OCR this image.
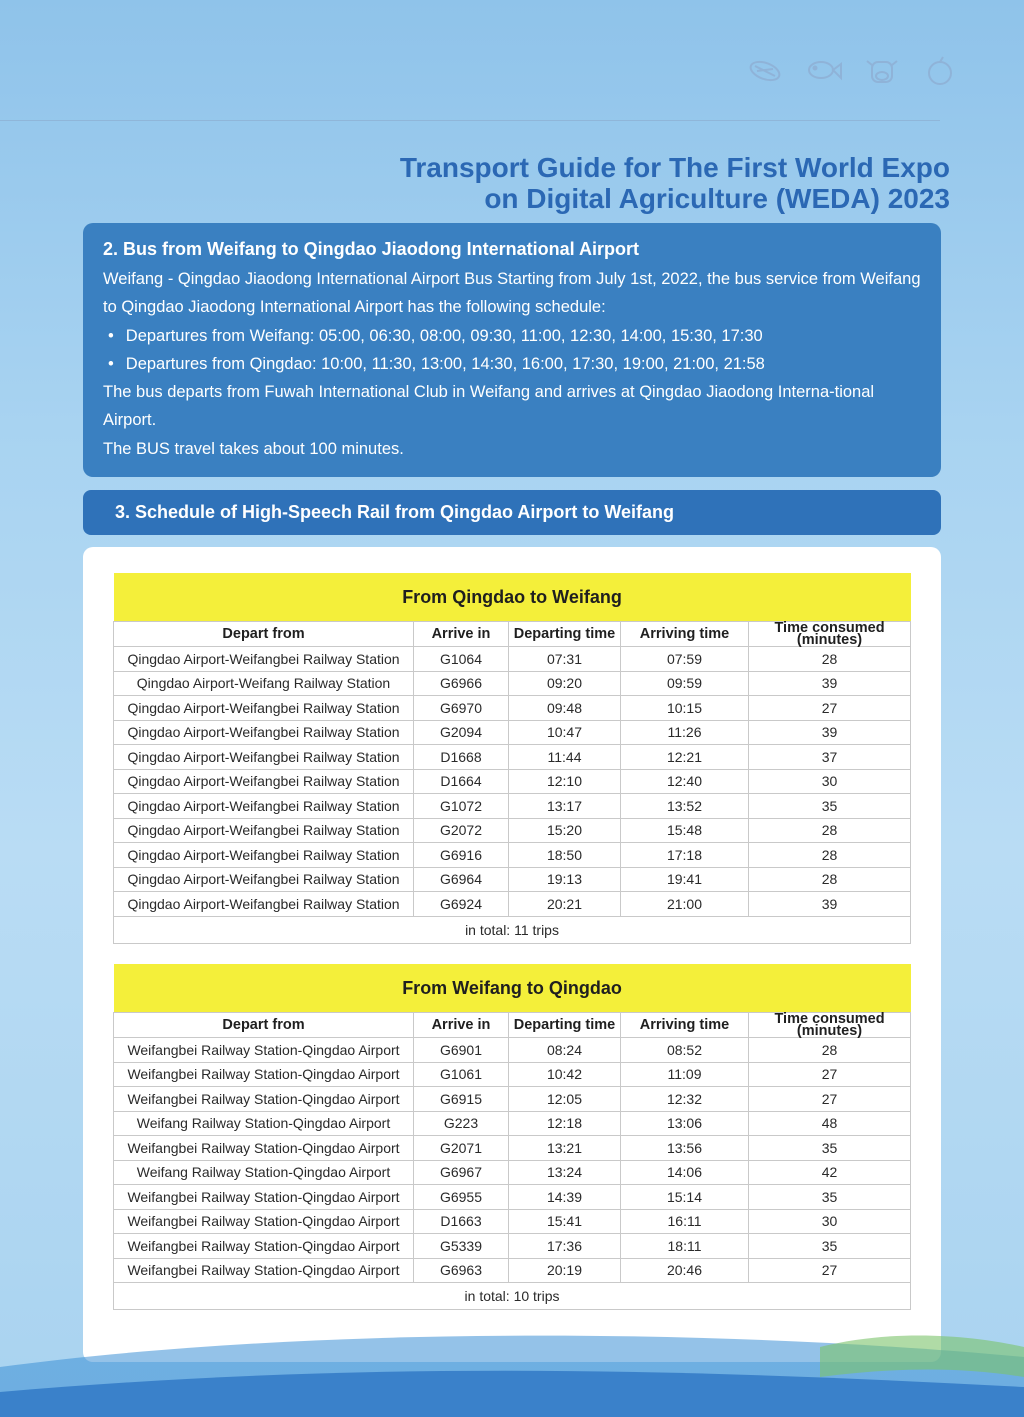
Transport Guide for The First World Expo
on Digital Agriculture (WEDA) 2023
2. Bus from Weifang to Qingdao Jiaodong International Airport

Weifang - Qingdao Jiaodong International Airport Bus Starting from July 1st, 2022, the bus service from Weifang to Qingdao Jiaodong International Airport has the following schedule:

• Departures from Weifang: 05:00, 06:30, 08:00, 09:30, 11:00, 12:30, 14:00, 15:30, 17:30
• Departures from Qingdao: 10:00, 11:30, 13:00, 14:30, 16:00, 17:30, 19:00, 21:00, 21:58

The bus departs from Fuwah International Club in Weifang and arrives at Qingdao Jiaodong Interna-tional Airport.

The BUS travel takes about 100 minutes.

3. Schedule of High-Speech Rail from Qingdao Airport to Weifang
From Qingdao to Weifang				
Depart from	Arrive in	Departing time	Arriving time	Time consumed (minutes)
Qingdao Airport-Weifangbei Railway Station	G1064	07:31	07:59	28
Qingdao Airport-Weifang Railway Station	G6966	09:20	09:59	39
Qingdao Airport-Weifangbei Railway Station	G6970	09:48	10:15	27
Qingdao Airport-Weifangbei Railway Station	G2094	10:47	11:26	39
Qingdao Airport-Weifangbei Railway Station	D1668	11:44	12:21	37
Qingdao Airport-Weifangbei Railway Station	D1664	12:10	12:40	30
Qingdao Airport-Weifangbei Railway Station	G1072	13:17	13:52	35
Qingdao Airport-Weifangbei Railway Station	G2072	15:20	15:48	28
Qingdao Airport-Weifangbei Railway Station	G6916	18:50	17:18	28
Qingdao Airport-Weifangbei Railway Station	G6964	19:13	19:41	28
Qingdao Airport-Weifangbei Railway Station	G6924	20:21	21:00	39
in total: 11 trips				
From Weifang to Qingdao				
Depart from	Arrive in	Departing time	Arriving time	Time consumed (minutes)
Weifangbei Railway Station-Qingdao Airport	G6901	08:24	08:52	28
Weifangbei Railway Station-Qingdao Airport	G1061	10:42	11:09	27
Weifangbei Railway Station-Qingdao Airport	G6915	12:05	12:32	27
Weifang Railway Station-Qingdao Airport	G223	12:18	13:06	48
Weifangbei Railway Station-Qingdao Airport	G2071	13:21	13:56	35
Weifang Railway Station-Qingdao Airport	G6967	13:24	14:06	42
Weifangbei Railway Station-Qingdao Airport	G6955	14:39	15:14	35
Weifangbei Railway Station-Qingdao Airport	D1663	15:41	16:11	30
Weifangbei Railway Station-Qingdao Airport	G5339	17:36	18:11	35
Weifangbei Railway Station-Qingdao Airport	G6963	20:19	20:46	27
in total: 10 trips				
